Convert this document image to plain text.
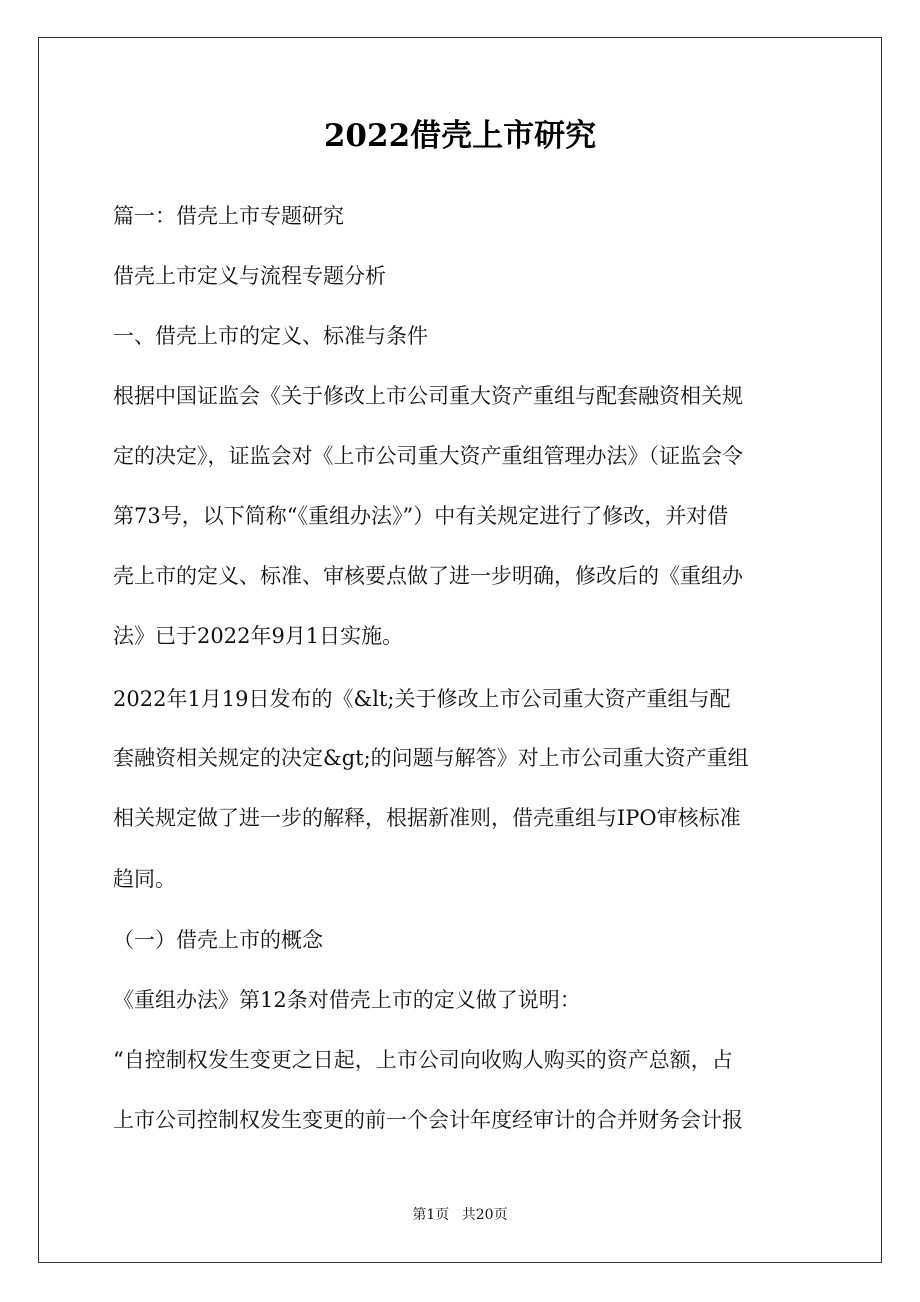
2022借壳上市研究

篇一：借壳上市专题研究

借壳上市定义与流程专题分析

一、借壳上市的定义、标准与条件

根据中国证监会《关于修改上市公司重大资产重组与配套融资相关规

定的决定》，证监会对《上市公司重大资产重组管理办法》（证监会令

第73号，以下简称“《重组办法》”）中有关规定进行了修改，并对借

壳上市的定义、标准、审核要点做了进一步明确，修改后的《重组办

法》已于2022年9月1日实施。

2022年1月19日发布的《&lt;关于修改上市公司重大资产重组与配

套融资相关规定的决定&gt;的问题与解答》对上市公司重大资产重组

相关规定做了进一步的解释，根据新准则，借壳重组与IPO审核标准

趋同。

（一）借壳上市的概念

《重组办法》第12条对借壳上市的定义做了说明：

“自控制权发生变更之日起，上市公司向收购人购买的资产总额，占

上市公司控制权发生变更的前一个会计年度经审计的合并财务会计报

第1页 共20页
